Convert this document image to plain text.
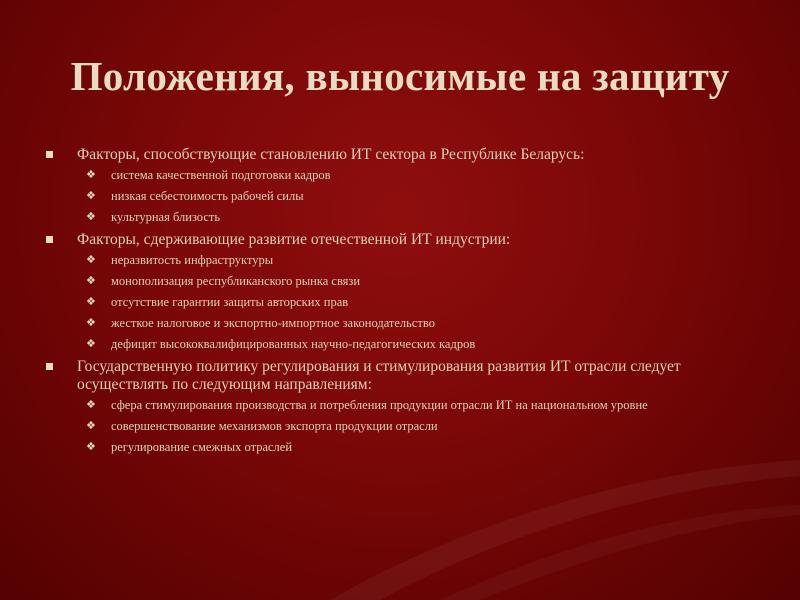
Положения, выносимые на защиту
Факторы, способствующие становлению ИТ сектора в Республике Беларусь:
❖ система качественной подготовки кадров
❖ низкая себестоимость рабочей силы
❖ культурная близость
Факторы, сдерживающие развитие отечественной ИТ индустрии:
❖ неразвитость инфраструктуры
❖ монополизация республиканского рынка связи
❖ отсутствие гарантии защиты авторских прав
❖ жесткое налоговое и экспортно-импортное законодательство
❖ дефицит высококвалифицированных научно-педагогических кадров
Государственную политику регулирования и стимулирования развития ИТ отрасли следует осуществлять по следующим направлениям:
❖ сфера стимулирования производства и потребления продукции отрасли ИТ на национальном уровне
❖ совершенствование механизмов экспорта продукции отрасли
❖ регулирование смежных отраслей
